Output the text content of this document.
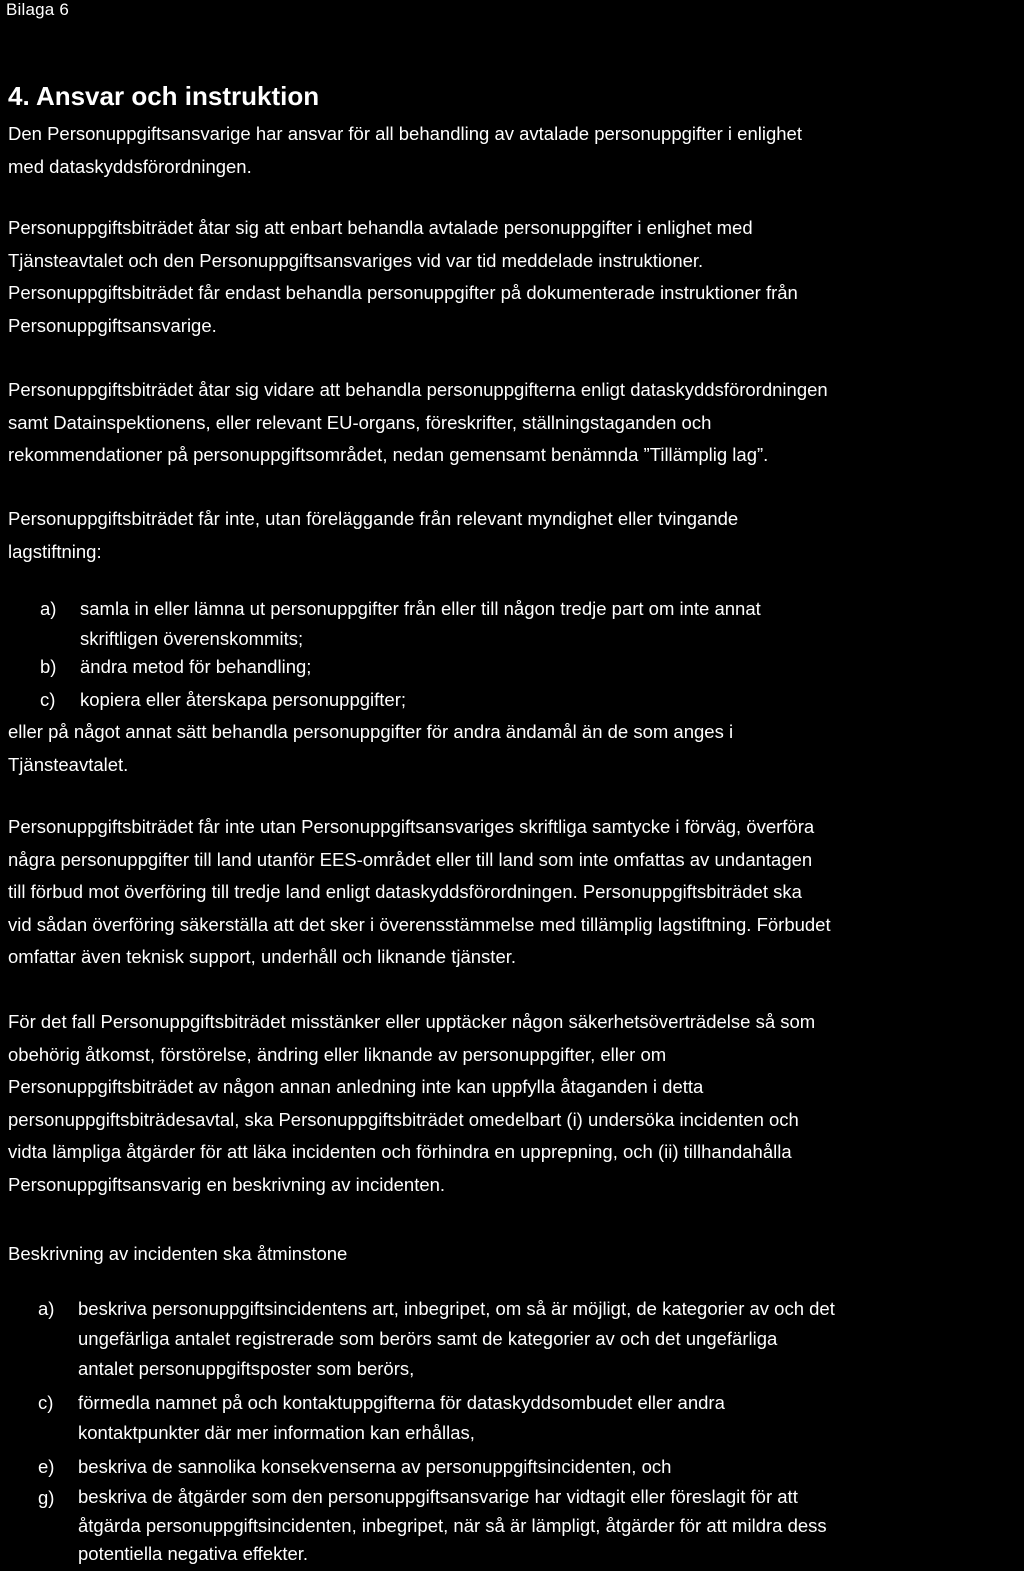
Bilaga 6
4. Ansvar och instruktion

Den Personuppgiftsansvarige har ansvar för all behandling av avtalade personuppgifter i enlighet
med dataskyddsförordningen.

Personuppgiftsbiträdet åtar sig att enbart behandla avtalade personuppgifter i enlighet med
Tjänsteavtalet och den Personuppgiftsansvariges vid var tid meddelade instruktioner.
Personuppgiftsbiträdet får endast behandla personuppgifter på dokumenterade instruktioner från
Personuppgiftsansvarige.

Personuppgiftsbiträdet åtar sig vidare att behandla personuppgifterna enligt dataskyddsförordningen
samt Datainspektionens, eller relevant EU-organs, föreskrifter, ställningstaganden och
rekommendationer på personuppgiftsområdet, nedan gemensamt benämnda ”Tillämplig lag”.

Personuppgiftsbiträdet får inte, utan föreläggande från relevant myndighet eller tvingande
lagstiftning:

a)	samla in eller lämna ut personuppgifter från eller till någon tredje part om inte annat
skriftligen överenskommits;
b)	ändra metod för behandling;
c)	kopiera eller återskapa personuppgifter;

eller på något annat sätt behandla personuppgifter för andra ändamål än de som anges i
Tjänsteavtalet.

Personuppgiftsbiträdet får inte utan Personuppgiftsansvariges skriftliga samtycke i förväg, överföra
några personuppgifter till land utanför EES-området eller till land som inte omfattas av undantagen
till förbud mot överföring till tredje land enligt dataskyddsförordningen. Personuppgiftsbiträdet ska
vid sådan överföring säkerställa att det sker i överensstämmelse med tillämplig lagstiftning. Förbudet
omfattar även teknisk support, underhåll och liknande tjänster.

För det fall Personuppgiftsbiträdet misstänker eller upptäcker någon säkerhetsöverträdelse så som
obehörig åtkomst, förstörelse, ändring eller liknande av personuppgifter, eller om
Personuppgiftsbiträdet av någon annan anledning inte kan uppfylla åtaganden i detta
personuppgiftsbiträdesavtal, ska Personuppgiftsbiträdet omedelbart (i) undersöka incidenten och
vidta lämpliga åtgärder för att läka incidenten och förhindra en upprepning, och (ii) tillhandahålla
Personuppgiftsansvarig en beskrivning av incidenten.

Beskrivning av incidenten ska åtminstone

a)	beskriva personuppgiftsincidentens art, inbegripet, om så är möjligt, de kategorier av och det
ungefärliga antalet registrerade som berörs samt de kategorier av och det ungefärliga
antalet personuppgiftsposter som berörs,
c)	förmedla namnet på och kontaktuppgifterna för dataskyddsombudet eller andra
kontaktpunkter där mer information kan erhållas,
e)	beskriva de sannolika konsekvenserna av personuppgiftsincidenten, och
g)	beskriva de åtgärder som den personuppgiftsansvarige har vidtagit eller föreslagit för att
åtgärda personuppgiftsincidenten, inbegripet, när så är lämpligt, åtgärder för att mildra dess
potentiella negativa effekter.
